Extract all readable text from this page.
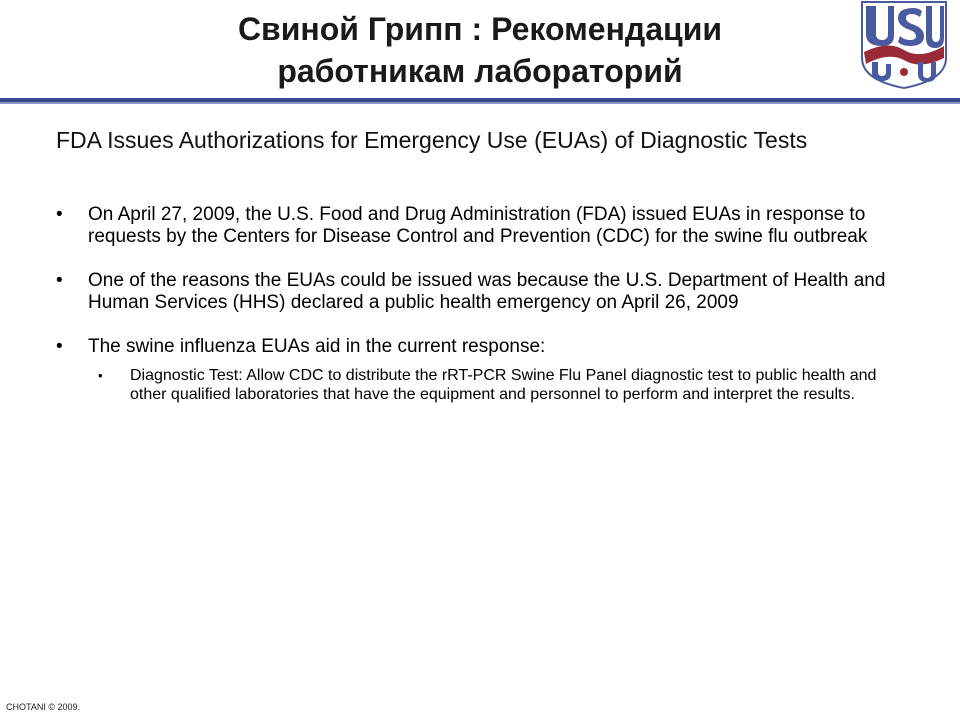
Свиной Грипп : Рекомендации
работникам лабораторий

FDA Issues Authorizations for Emergency Use (EUAs) of Diagnostic Tests

• On April 27, 2009, the U.S. Food and Drug Administration (FDA) issued EUAs in response to requests by the Centers for Disease Control and Prevention (CDC) for the swine flu outbreak
• One of the reasons the EUAs could be issued was because the U.S. Department of Health and Human Services (HHS) declared a public health emergency on April 26, 2009
• The swine influenza EUAs aid in the current response:
• Diagnostic Test: Allow CDC to distribute the rRT-PCR Swine Flu Panel diagnostic test to public health and other qualified laboratories that have the equipment and personnel to perform and interpret the results.
CHOTANI © 2009.
